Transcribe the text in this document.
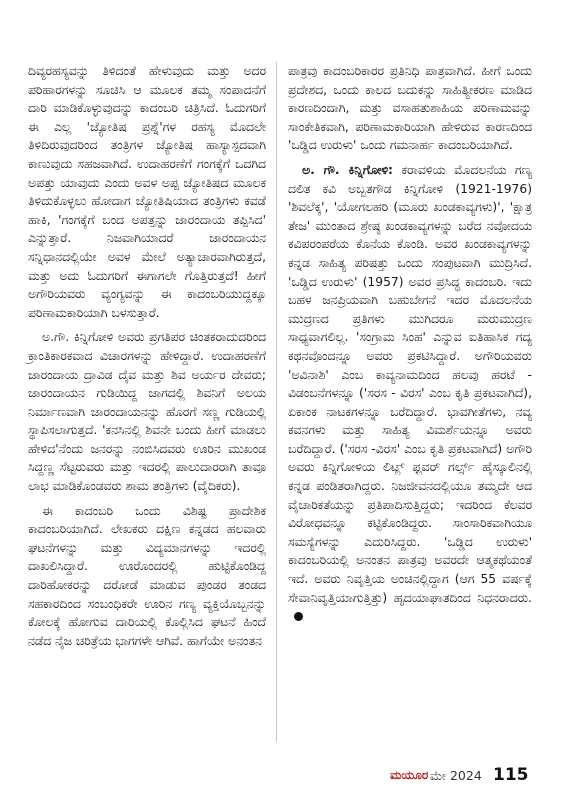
ದಿವ್ಯರಹಸ್ಯವನ್ನು ತಿಳಿದಂತೆ ಹೇಳುವುದು ಮತ್ತು ಅದರ ಪರಿಹಾರಗಳನ್ನು ಸೂಚಿಸಿ ಆ ಮೂಲಕ ತಮ್ಮ ಸಂಪಾದನೆಗೆ ದಾರಿ ಮಾಡಿಕೊಳ್ಳುವುದನ್ನು ಕಾದಂಬರಿ ಚಿತ್ರಿಸಿದೆ. ಓದುಗರಿಗೆ ಈ ಎಲ್ಲ 'ಜ್ಯೋತಿಷ ಪ್ರಶ್ನೆ'ಗಳ ರಹಸ್ಯ ಮೊದಲೇ ತಿಳಿದಿರುವುದರಿಂದ ತಂತ್ರಿಗಳ ಜ್ಯೋತಿಷ ಹಾಸ್ಯಾಸ್ಪದವಾಗಿ ಕಾಣುವುದು ಸಹಜವಾಗಿದೆ. ಉದಾಹರಣೆಗೆ ಗಂಗಕ್ಕೆಗೆ ಒದಗಿದ ಅಪತ್ತು ಯಾವುದು ಎಂದು ಅವಳ ಅಪ್ಪ ಜ್ಯೋತಿಷದ ಮೂಲಕ ತಿಳಿದುಕೊಳ್ಳಲು ಹೋದಾಗ ಜ್ಯೋತಿಷಿಯಾದ ತಂತ್ರಿಗಳು ಕವಡೆ ಹಾಕಿ, 'ಗಂಗಕ್ಕೆಗೆ ಬಂದ ಅಪತ್ತನ್ನು ಜಾರಂದಾಯ ತಪ್ಪಿಸಿದ' ಎನ್ನುತ್ತಾರೆ. ನಿಜವಾಗಿಯಾದರೆ ಜಾರಂದಾಯನ ಸನ್ನಿಧಾನದಲ್ಲಿಯೇ ಅವಳ ಮೇಲೆ ಅತ್ಯಾಚಾರವಾಗಿರುತ್ತದೆ, ಮತ್ತು ಅದು ಓದುಗರಿಗೆ ಈಗಾಗಲೇ ಗೊತ್ತಿರುತ್ತದೆ! ಹೀಗೆ ಅಗೌರಿಯವರು ವ್ಯಂಗ್ಯವನ್ನು ಈ ಕಾದಂಬರಿಯುದ್ದಕ್ಕೂ ಪರಿಣಾಮಕಾರಿಯಾಗಿ ಬಳಸುತ್ತಾರೆ.

ಅ.ಗೌ. ಕಿನ್ನಿಗೋಳಿ ಅವರು ಪ್ರಗತಿಪರ ಚಿಂತಕರಾದುದರಿಂದ ಕ್ರಾಂತಿಕಾರಕವಾದ ವಿಚಾರಗಳನ್ನು ಹೇಳಿದ್ದಾರೆ. ಉದಾಹರಣೆಗೆ ಜಾರಂದಾಯ ದ್ರಾವಿಡ ದೈವ ಮತ್ತು ಶಿವ ಅರ್ಯರ ದೇವರು; ಜಾರಂದಾಯನ ಗುಡಿಯಿದ್ದ ಜಾಗದಲ್ಲಿ ಶಿವನಿಗೆ ಅಲಯ ನಿರ್ಮಾಣವಾಗಿ ಜಾರಂದಾಯನನ್ನು ಹೊರಗೆ ಸಣ್ಣ ಗುಡಿಯಲ್ಲಿ ಸ್ಥಾಪಿಸಲಾಗುತ್ತದೆ. 'ಕನಸಿನಲ್ಲಿ ಶಿವನೇ ಬಂದು ಹೀಗೆ ಮಾಡಲು ಹೇಳಿದ'ನೆಂದು ಜನರನ್ನು ನಂಬಿಸಿದವರು ಊರಿನ ಮುಖಂಡ ಸಿದ್ದಣ್ಣ ಸೆಟ್ಟರುವರು ಮತ್ತು ಇದರಲ್ಲಿ ಪಾಲುದಾರರಾಗಿ ತಾವೂ ಲಾಭ ಮಾಡಿಕೊಂಡವರು ಶಾಮ ತಂತ್ರಿಗಳು (ವೈದಿಕರು).

ಈ ಕಾದಂಬರಿ ಒಂದು ವಿಶಿಷ್ಟ ಪ್ರಾದೇಶಿಕ ಕಾದಂಬರಿಯಾಗಿದೆ. ಲೇಖಕರು ದಕ್ಷಿಣ ಕನ್ನಡದ ಹಲವಾರು ಘಟನೆಗಳನ್ನು ಮತ್ತು ವಿದ್ಯಮಾನಗಳನ್ನು ಇದರಲ್ಲಿ ದಾಖಲಿಸಿದ್ದಾರೆ. ಊರೊಂದರಲ್ಲಿ ಹುಟ್ಟಿಕೊಂಡಿದ್ದ ದಾರಿಹೋಕರನ್ನು ದರೋಡೆ ಮಾಡುವ ಪುಂಡರ ತಂಡದ ಸಹಕಾರದಿಂದ ಸಂಬಂಧಿಕರೇ ಊರಿನ ಗಣ್ಯ ವ್ಯಕ್ತಿಯೊಬ್ಬನನ್ನು ಕೋಲಕ್ಕೆ ಹೋಗುವ ದಾರಿಯಲ್ಲಿ ಕೊಲ್ಲಿಸಿದ ಘಟನೆ ಹಿಂದೆ ನಡೆದ ನೈಜ ಚರಿತ್ರೆಯ ಭಾಗಗಳೇ ಆಗಿವೆ. ಹಾಗೆಯೇ ಅನಂತನ

ಪಾತ್ರವು ಕಾದಂಬರಿಕಾರರ ಪ್ರತಿನಿಧಿ ಪಾತ್ರವಾಗಿದೆ. ಹೀಗೆ ಒಂದು ಪ್ರದೇಶದ, ಒಂದು ಕಾಲದ ಬದುಕನ್ನು ಸಾಹಿತ್ಯೀಕರಣ ಮಾಡಿದ ಕಾರಣದಿಂದಾಗಿ, ಮತ್ತು ವಸಾಹತುಶಾಹಿಯ ಪರಿಣಾಮವನ್ನು ಸಾಂಕೇತಿಕವಾಗಿ, ಪರಿಣಾಮಕಾರಿಯಾಗಿ ಹೇಳಿರುವ ಕಾರಣದಿಂದ 'ಒಡ್ಡಿದ ಉರುಳು' ಒಂದು ಗಮನಾರ್ಹ ಕಾದಂಬರಿಯಾಗಿದೆ.

ಅ. ಗೌ. ಕಿನ್ನಿಗೋಳಿ: ಕರಾವಳಿಯ ಮೊದಲನೆಯ ಗಣ್ಯ ದಲಿತ ಕವಿ ಅಬ್ಬತಗೌಡ ಕಿನ್ನಿಗೋಳಿ (1921-1976) 'ಶಿವಲೆಕ್ಕ', 'ಯೋಗಲಹರಿ (ಮೂರು ಖಂಡಕಾವ್ಯಗಳು)', 'ಕ್ಷಾತ್ರ ತೇಜ' ಮುಂತಾದ ಶ್ರೇಷ್ಠ ಖಂಡಕಾವ್ಯಗಳನ್ನು ಬರೆದ ನವೋದಯ ಕವಿಪರಂಪರೆಯ ಕೊನೆಯ ಕೊಂಡಿ. ಅವರ ಖಂಡಕಾವ್ಯಗಳನ್ನು ಕನ್ನಡ ಸಾಹಿತ್ಯ ಪರಿಷತ್ತು ಒಂದು ಸಂಪುಟವಾಗಿ ಮುದ್ರಿಸಿದೆ. 'ಒಡ್ಡಿದ ಉರುಳು' (1957) ಅವರ ಪ್ರಸಿದ್ಧ ಕಾದಂಬರಿ. ಇದು ಬಹಳ ಜನಪ್ರಿಯವಾಗಿ ಬಹುಬೇಗನೆ ಇದರ ಮೊದಲನೆಯ ಮುದ್ರಣದ ಪ್ರತಿಗಳು ಮುಗಿದರೂ ಮರುಮುದ್ರಣ ಸಾಧ್ಯವಾಗಲಿಲ್ಲ. 'ಸಂಗ್ರಾಮ ಸಿಂಹ' ಎನ್ನುವ ಐತಿಹಾಸಿಕ ಗದ್ಯ ಕಥನವೊಂದನ್ನೂ ಅವರು ಪ್ರಕಟಿಸಿದ್ದಾರೆ. ಅಗೌರಿಯವರು 'ಅವಿನಾಶಿ' ಎಂಬ ಕಾವ್ಯನಾಮದಿಂದ ಹಲವು ಹರಟೆ - ವಿಡಂಬನೆಗಳನ್ನೂ ('ಸರಸ - ವಿರಸ' ಎಂಬ ಕೃತಿ ಪ್ರಕಟವಾಗಿದೆ), ಏಕಾಂಕ ನಾಟಕಗಳನ್ನೂ ಬರೆದಿದ್ದಾರೆ. ಭಾವಗೀತೆಗಳು, ನವ್ಯ ಕವನಗಳು ಮತ್ತು ಸಾಹಿತ್ಯ ವಿಮರ್ಶೆಯನ್ನೂ ಅವರು ಬರೆದಿದ್ದಾರೆ. ('ಸರಸ -ವಿರಸ' ಎಂಬ ಕೃತಿ ಪ್ರಕಟವಾಗಿದೆ) ಅಗೌರಿ ಅವರು ಕಿನ್ನಿಗೋಳಿಯ ಲಿಟ್ಲ್ ಫ್ಲವರ್ ಗರ್ಲ್ಸ್ ಹೈಸ್ಕೂಲಿನಲ್ಲಿ ಕನ್ನಡ ಪಂಡಿತರಾಗಿದ್ದರು. ನಿಜಜೀವನದಲ್ಲಿಯೂ ತಮ್ಮದೇ ಆದ ವೈಚಾರಿಕತೆಯನ್ನು ಪ್ರತಿಪಾದಿಸುತ್ತಿದ್ದರು; ಇದರಿಂದ ಕೆಲವರ ವಿರೋಧವನ್ನೂ ಕಟ್ಟಿಕೊಂಡಿದ್ದರು. ಸಾಂಸಾರಿಕವಾಗಿಯೂ ಸಮಸ್ಯೆಗಳನ್ನು ಎದುರಿಸಿದ್ದರು. 'ಒಡ್ಡಿದ ಉರುಳು' ಕಾದಂಬರಿಯಲ್ಲಿ ಅನಂತನ ಪಾತ್ರವು ಅವರದೇ ಆತ್ಮಕಥೆಯಂತೆ ಇದೆ. ಅವರು ನಿವೃತ್ತಿಯ ಅಂಚಿನಲ್ಲಿದ್ದಾಗ (ಆಗ 55 ವರ್ಷಕ್ಕೆ ಸೇವಾನಿವೃತ್ತಿಯಾಗುತ್ತಿತ್ತು) ಹೃದಯಾಘಾತದಿಂದ ನಿಧನರಾದರು.

ಮಯೂರ ಮೇ 2024 115
